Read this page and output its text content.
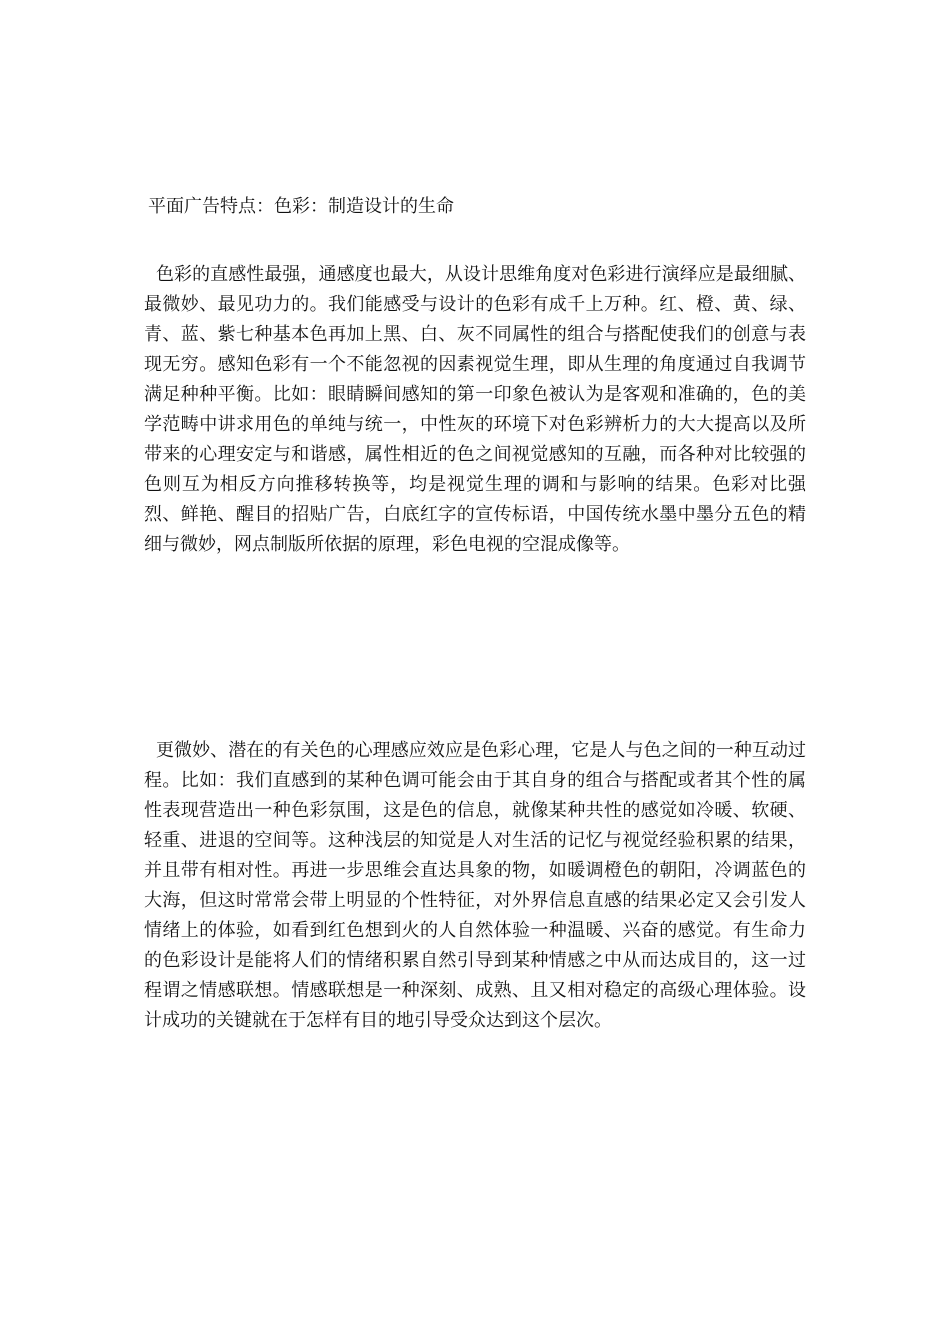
平面广告特点：色彩：制造设计的生命

色彩的直感性最强，通感度也最大，从设计思维角度对色彩进行演绎应是最细腻、最微妙、最见功力的。我们能感受与设计的色彩有成千上万种。红、橙、黄、绿、青、蓝、紫七种基本色再加上黑、白、灰不同属性的组合与搭配使我们的创意与表现无穷。感知色彩有一个不能忽视的因素视觉生理，即从生理的角度通过自我调节满足种种平衡。比如：眼睛瞬间感知的第一印象色被认为是客观和准确的，色的美学范畴中讲求用色的单纯与统一，中性灰的环境下对色彩辨析力的大大提高以及所带来的心理安定与和谐感，属性相近的色之间视觉感知的互融，而各种对比较强的色则互为相反方向推移转换等，均是视觉生理的调和与影响的结果。色彩对比强烈、鲜艳、醒目的招贴广告，白底红字的宣传标语，中国传统水墨中墨分五色的精细与微妙，网点制版所依据的原理，彩色电视的空混成像等。

更微妙、潜在的有关色的心理感应效应是色彩心理，它是人与色之间的一种互动过程。比如：我们直感到的某种色调可能会由于其自身的组合与搭配或者其个性的属性表现营造出一种色彩氛围，这是色的信息，就像某种共性的感觉如冷暖、软硬、轻重、进退的空间等。这种浅层的知觉是人对生活的记忆与视觉经验积累的结果，并且带有相对性。再进一步思维会直达具象的物，如暖调橙色的朝阳，冷调蓝色的大海，但这时常常会带上明显的个性特征，对外界信息直感的结果必定又会引发人情绪上的体验，如看到红色想到火的人自然体验一种温暖、兴奋的感觉。有生命力的色彩设计是能将人们的情绪积累自然引导到某种情感之中从而达成目的，这一过程谓之情感联想。情感联想是一种深刻、成熟、且又相对稳定的高级心理体验。设计成功的关键就在于怎样有目的地引导受众达到这个层次。
